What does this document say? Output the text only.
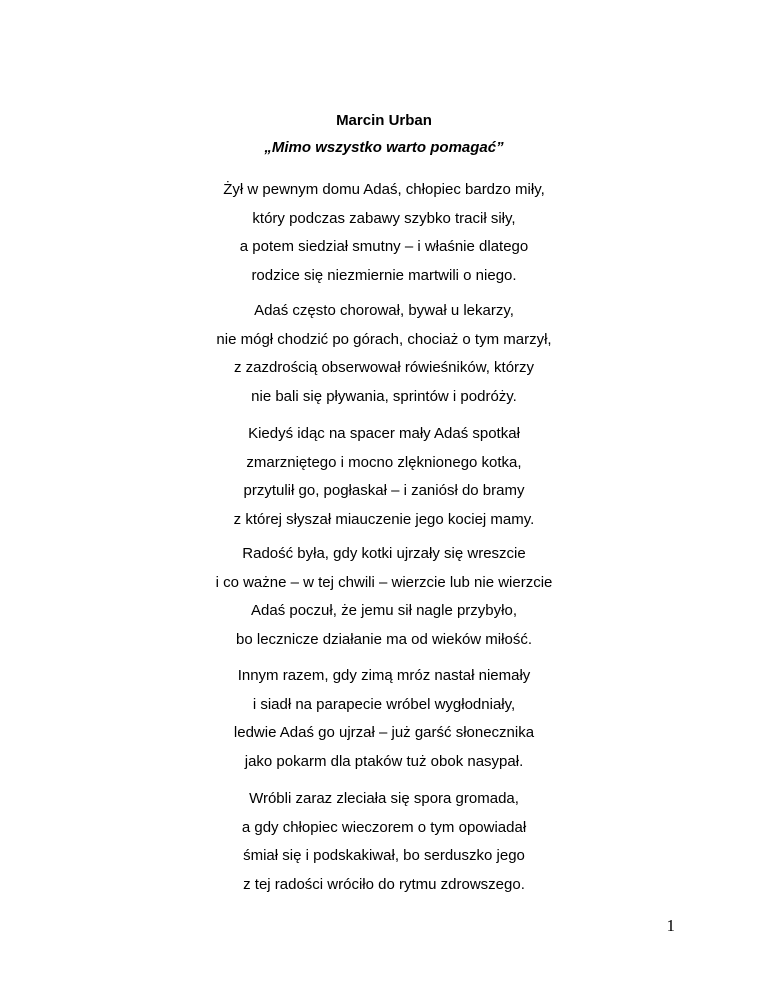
Marcin Urban
„Mimo wszystko warto pomagać”
Żył w pewnym domu Adaś, chłopiec bardzo miły,
który podczas zabawy szybko tracił siły,
a potem siedział smutny – i właśnie dlatego
rodzice się niezmiernie martwili o niego.
Adaś często chorował, bywał u lekarzy,
nie mógł chodzić po górach, chociaż o tym marzył,
z zazdrością obserwował rówieśników, którzy
nie bali się pływania, sprintów i podróży.
Kiedyś idąc na spacer mały Adaś spotkał
zmarzniętego i mocno zlęknionego kotka,
przytulił go, pogłaskał – i zaniósł do bramy
z której słyszał miauczenie jego kociej mamy.
Radość była, gdy kotki ujrzały się wreszcie
i co ważne – w tej chwili – wierzcie lub nie wierzcie
Adaś poczuł, że jemu sił nagle przybyło,
bo lecznicze działanie ma od wieków miłość.
Innym razem, gdy zimą mróz nastał niemały
i siadł na parapecie wróbel wygłodniały,
ledwie Adaś go ujrzał – już garść słonecznika
jako pokarm dla ptaków tuż obok nasypał.
Wróbli zaraz zleciała się spora gromada,
a gdy chłopiec wieczorem o tym opowiadał
śmiał się i podskakiwał, bo serduszko jego
z tej radości wróciło do rytmu zdrowszego.
1
